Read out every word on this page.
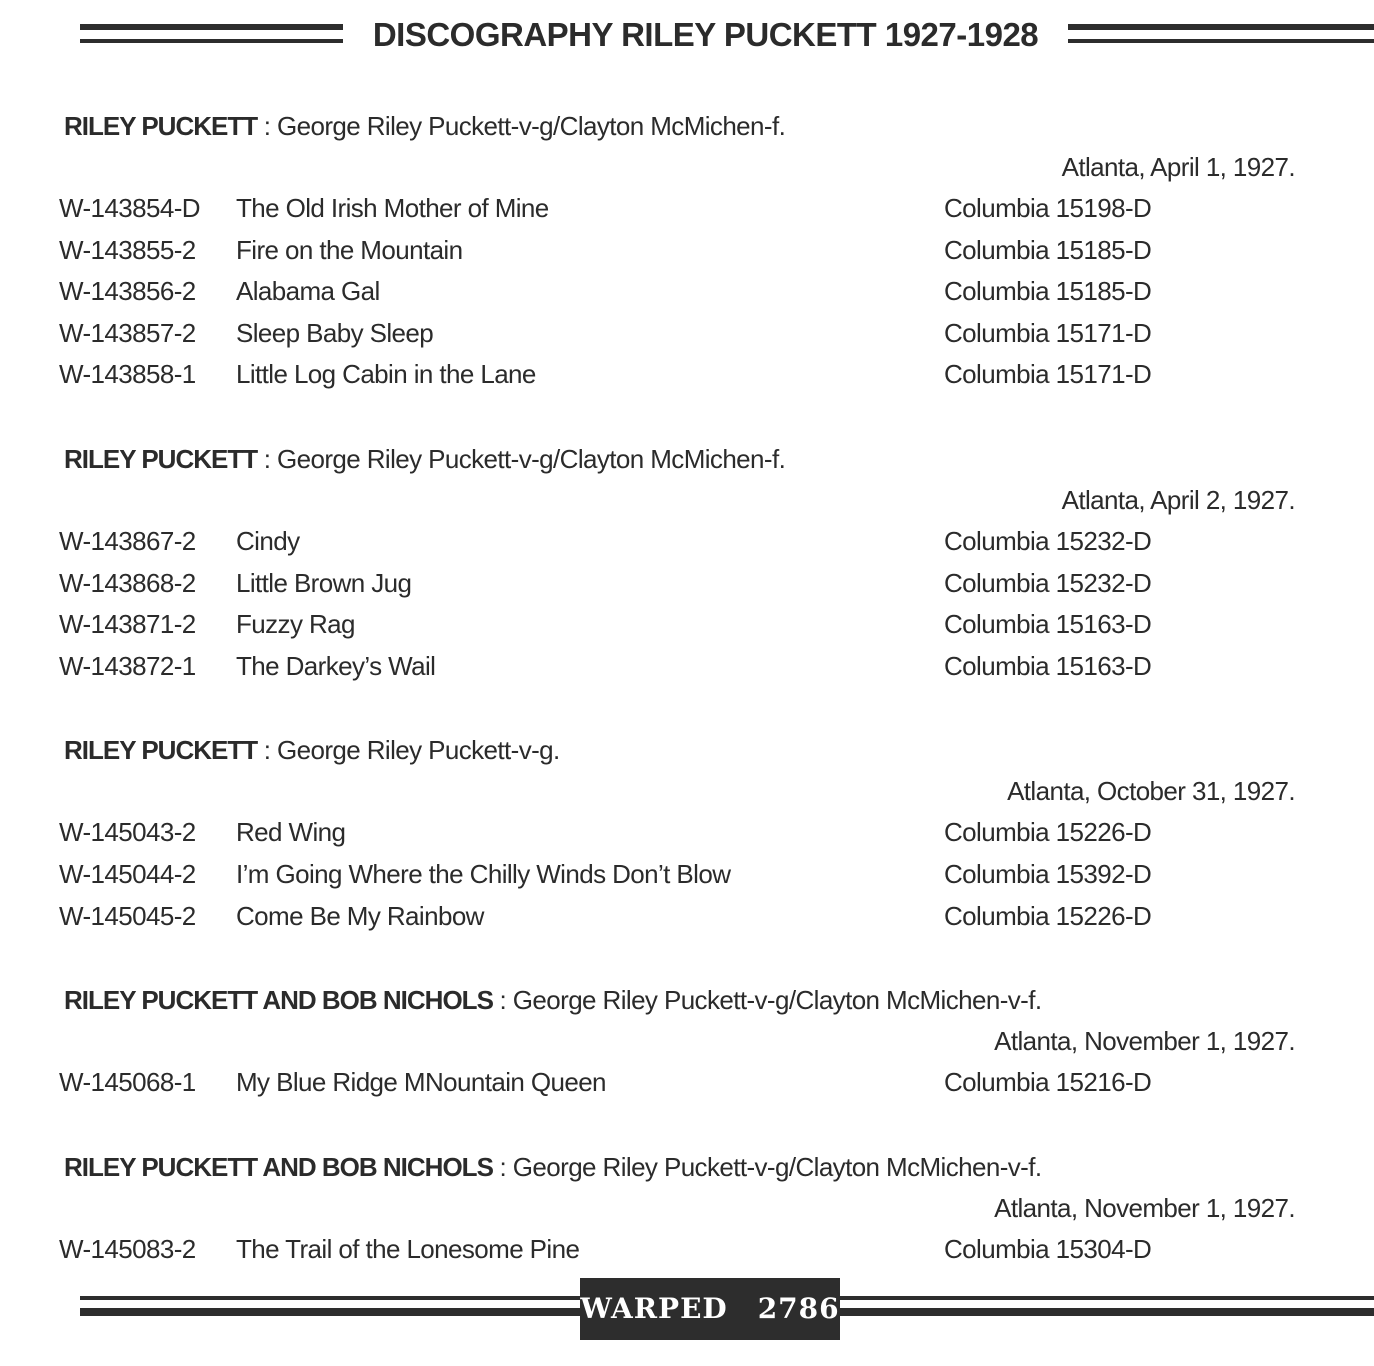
DISCOGRAPHY RILEY PUCKETT 1927-1928
RILEY PUCKETT : George Riley Puckett-v-g/Clayton McMichen-f.
Atlanta, April 1, 1927.
W-143854-D The Old Irish Mother of Mine	Columbia 15198-D
W-143855-2 Fire on the Mountain	Columbia 15185-D
W-143856-2 Alabama Gal	Columbia 15185-D
W-143857-2 Sleep Baby Sleep	Columbia 15171-D
W-143858-1 Little Log Cabin in the Lane	Columbia 15171-D
RILEY PUCKETT : George Riley Puckett-v-g/Clayton McMichen-f.
Atlanta, April 2, 1927.
W-143867-2 Cindy	Columbia 15232-D
W-143868-2 Little Brown Jug	Columbia 15232-D
W-143871-2 Fuzzy Rag	Columbia 15163-D
W-143872-1 The Darkey’s Wail	Columbia 15163-D
RILEY PUCKETT : George Riley Puckett-v-g.
Atlanta, October 31, 1927.
W-145043-2 Red Wing	Columbia 15226-D
W-145044-2 I’m Going Where the Chilly Winds Don’t Blow	Columbia 15392-D
W-145045-2 Come Be My Rainbow	Columbia 15226-D
RILEY PUCKETT AND BOB NICHOLS : George Riley Puckett-v-g/Clayton McMichen-v-f.
Atlanta, November 1, 1927.
W-145068-1 My Blue Ridge MNountain Queen	Columbia 15216-D
RILEY PUCKETT AND BOB NICHOLS : George Riley Puckett-v-g/Clayton McMichen-v-f.
Atlanta, November 1, 1927.
W-145083-2 The Trail of the Lonesome Pine	Columbia 15304-D
WARPED 2786
